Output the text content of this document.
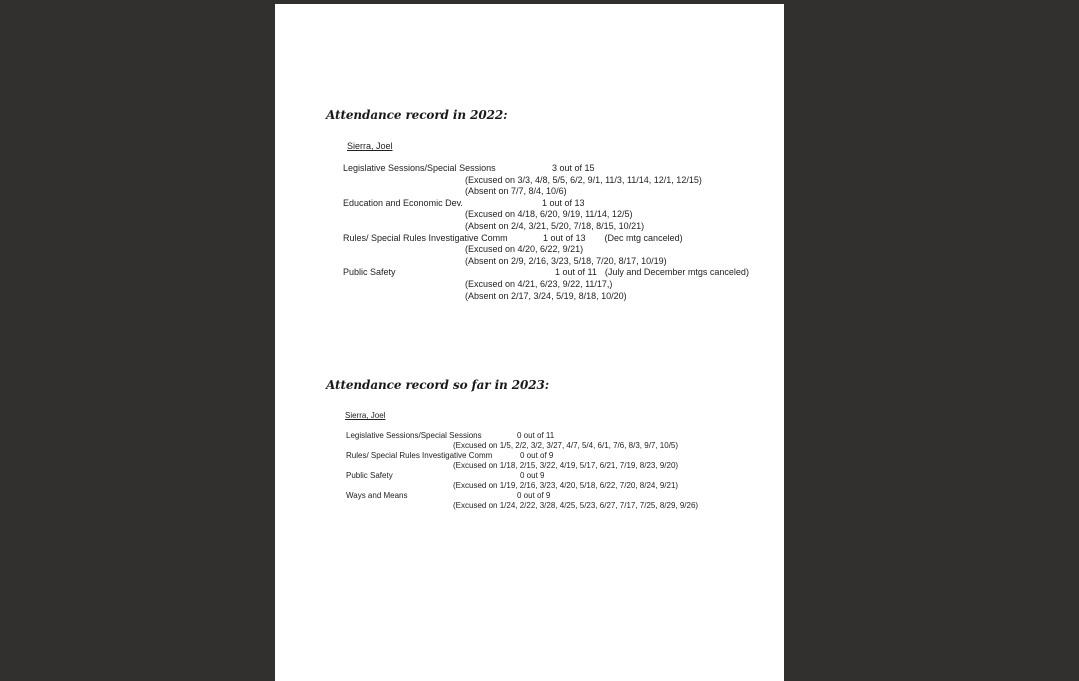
Attendance record in 2022:
Sierra, Joel
Legislative Sessions/Special Sessions	3 out of 15
(Excused on 3/3, 4/8, 5/5, 6/2, 9/1, 11/3, 11/14, 12/1, 12/15)
(Absent on 7/7, 8/4, 10/6)
Education and Economic Dev.	1 out of 13
(Excused on 4/18, 6/20, 9/19, 11/14, 12/5)
(Absent on 2/4, 3/21, 5/20, 7/18, 8/15, 10/21)
Rules/ Special Rules Investigative Comm	1 out of 13 (Dec mtg canceled)
(Excused on 4/20, 6/22, 9/21)
(Absent on 2/9, 2/16, 3/23, 5/18, 7/20, 8/17, 10/19)
Public Safety	1 out of 11 (July and December mtgs canceled)
(Excused on 4/21, 6/23, 9/22, 11/17,)
(Absent on 2/17, 3/24, 5/19, 8/18, 10/20)
Attendance record so far in 2023:
Sierra, Joel
Legislative Sessions/Special Sessions	0 out of 11
(Excused on 1/5, 2/2, 3/2, 3/27, 4/7, 5/4, 6/1, 7/6, 8/3, 9/7, 10/5)
Rules/ Special Rules Investigative Comm	0 out of 9
(Excused on 1/18, 2/15, 3/22, 4/19, 5/17, 6/21, 7/19, 8/23, 9/20)
Public Safety	0 out 9
(Excused on 1/19, 2/16, 3/23, 4/20, 5/18, 6/22, 7/20, 8/24, 9/21)
Ways and Means	0 out of 9
(Excused on 1/24, 2/22, 3/28, 4/25, 5/23, 6/27, 7/17, 7/25, 8/29, 9/26)
